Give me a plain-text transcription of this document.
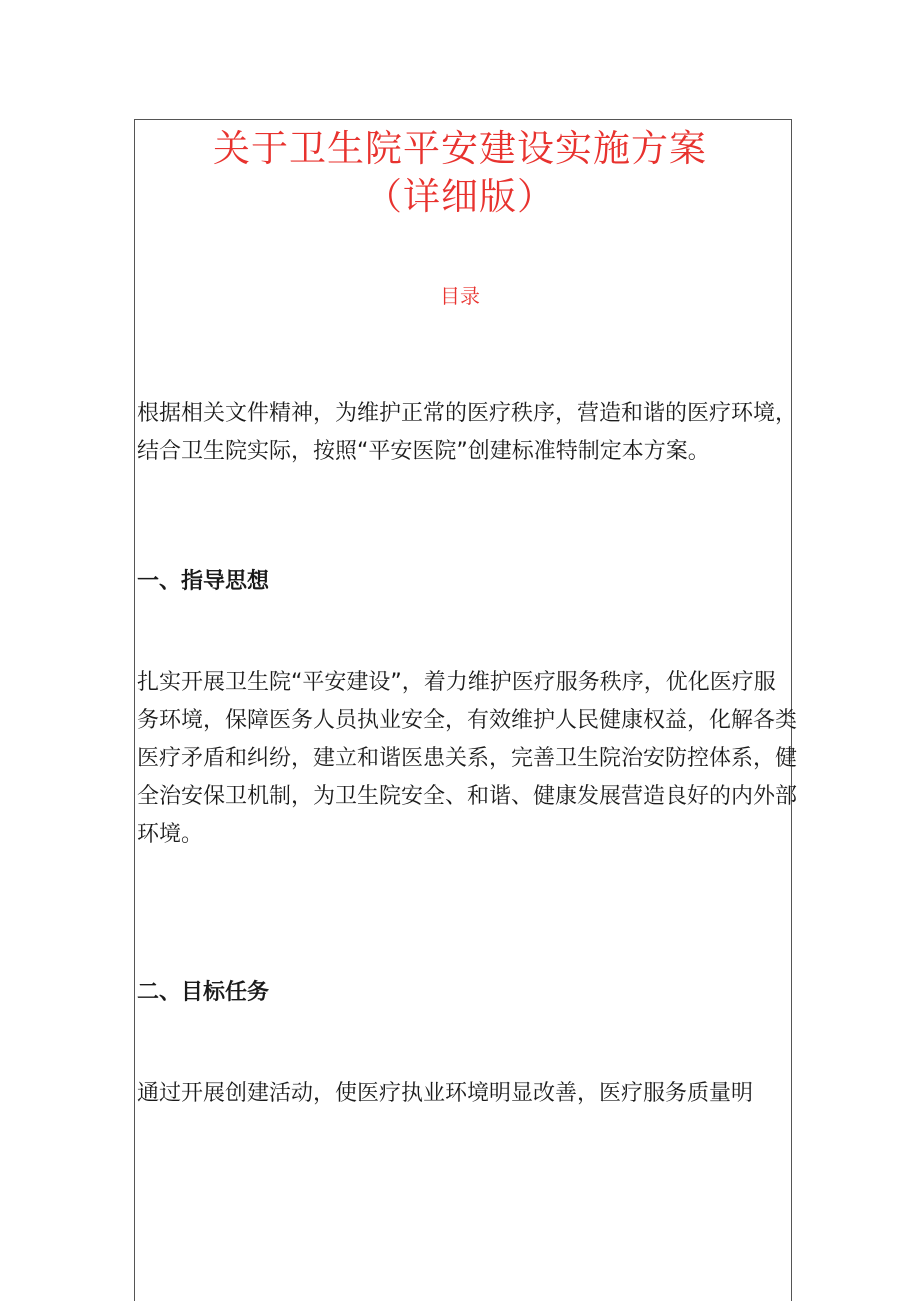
关于卫生院平安建设实施方案
（详细版）

目录

根据相关文件精神，为维护正常的医疗秩序，营造和谐的医疗环境，结合卫生院实际，按照“平安医院”创建标准特制定本方案。

一、指导思想

扎实开展卫生院“平安建设”，着力维护医疗服务秩序，优化医疗服务环境，保障医务人员执业安全，有效维护人民健康权益，化解各类医疗矛盾和纠纷，建立和谐医患关系，完善卫生院治安防控体系，健全治安保卫机制，为卫生院安全、和谐、健康发展营造良好的内外部环境。

二、目标任务

通过开展创建活动，使医疗执业环境明显改善，医疗服务质量明
